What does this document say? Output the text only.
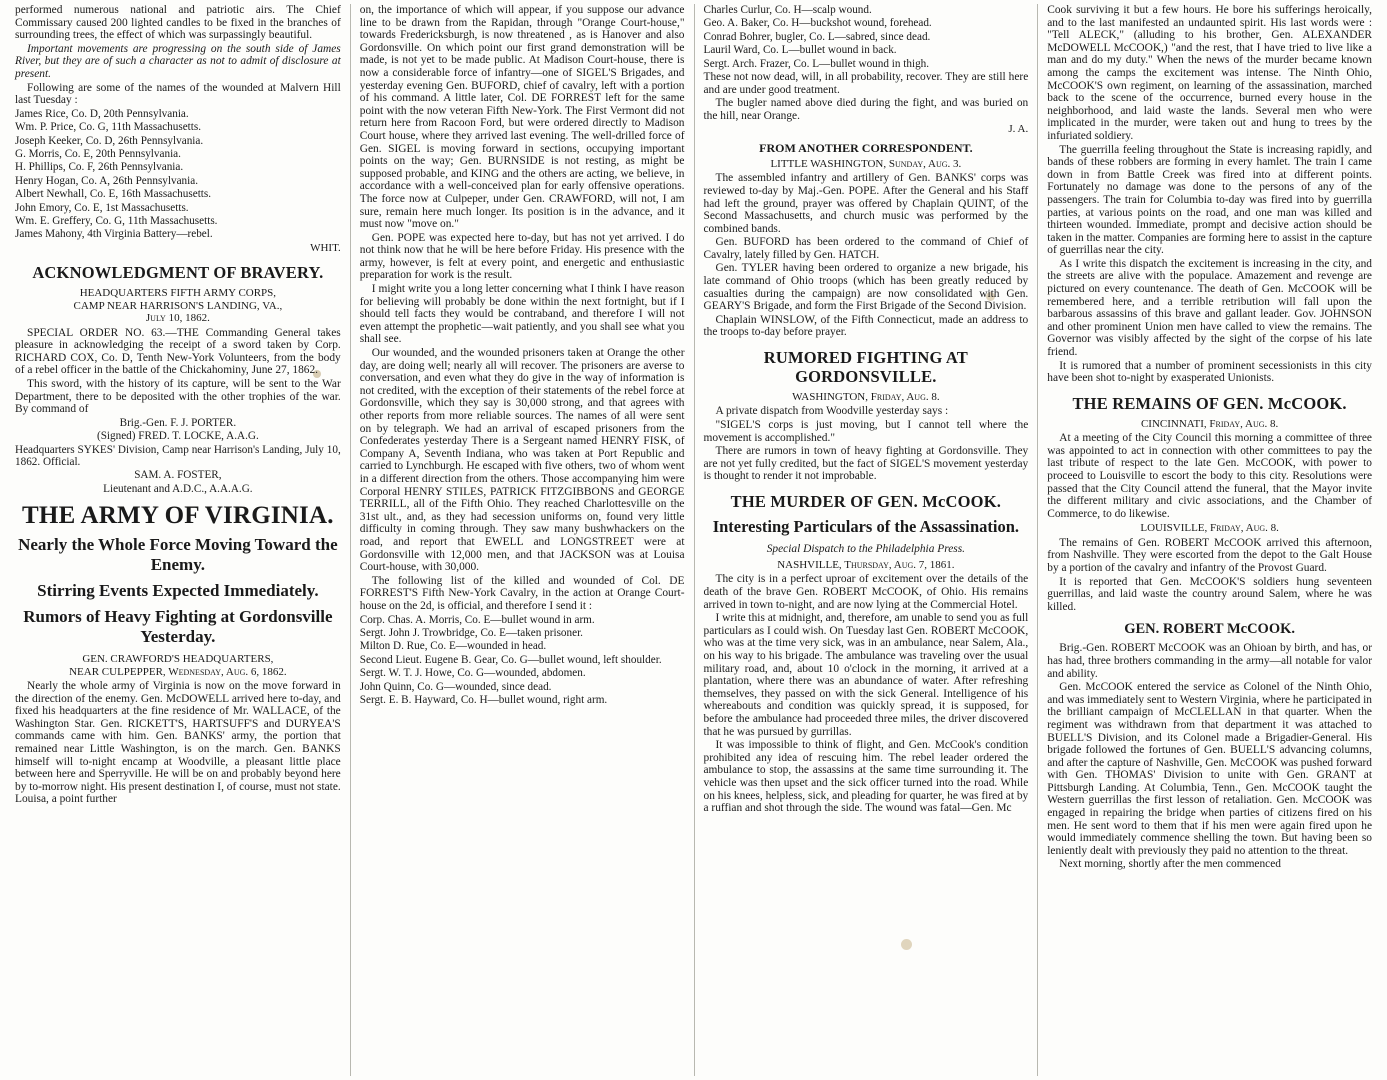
performed numerous national and patriotic airs. The Chief Commissary caused 200 lighted candles to be fixed in the branches of surrounding trees, the effect of which was surpassingly beautiful.

Important movements are progressing on the south side of James River, but they are of such a character as not to admit of disclosure at present.

Following are some of the names of the wounded at Malvern Hill last Tuesday :

James Rice, Co. D, 20th Pennsylvania.

Wm. P. Price, Co. G, 11th Massachusetts.

Joseph Keeker, Co. D, 26th Pennsylvania.

G. Morris, Co. E, 20th Pennsylvania.

H. Phillips, Co. F, 26th Pennsylvania.

Henry Hogan, Co. A, 26th Pennsylvania.

Albert Newhall, Co. E, 16th Massachusetts.

John Emory, Co. E, 1st Massachusetts.

Wm. E. Greffery, Co. G, 11th Massachusetts.

James Mahony, 4th Virginia Battery—rebel.

WHIT.
ACKNOWLEDGMENT OF BRAVERY.
HEADQUARTERS FIFTH ARMY CORPS,
CAMP NEAR HARRISON'S LANDING, VA.,
July 10, 1862.

SPECIAL ORDER NO. 63.—THE Commanding General takes pleasure in acknowledging the receipt of a sword taken by Corp. RICHARD COX, Co. D, Tenth New-York Volunteers, from the body of a rebel officer in the battle of the Chickahominy, June 27, 1862.

This sword, with the history of its capture, will be sent to the War Department, there to be deposited with the other trophies of the war. By command of

Brig.-Gen. F. J. PORTER.

(Signed) FRED. T. LOCKE, A.A.G.

Headquarters SYKES' Division, Camp near Harrison's Landing, July 10, 1862. Official.

SAM. A. FOSTER,

Lieutenant and A.D.C., A.A.A.G.

THE ARMY OF VIRGINIA.
Nearly the Whole Force Moving Toward the Enemy.
Stirring Events Expected Immediately.
Rumors of Heavy Fighting at Gordonsville Yesterday.
GEN. CRAWFORD'S HEADQUARTERS,
NEAR CULPEPPER, Wednesday, Aug. 6, 1862.

Nearly the whole army of Virginia is now on the move forward in the direction of the enemy. Gen. McDOWELL arrived here to-day, and fixed his headquarters at the fine residence of Mr. WALLACE, of the Washington Star. Gen. RICKETT'S, HARTSUFF'S and DURYEA'S commands came with him. Gen. BANKS' army, the portion that remained near Little Washington, is on the march. Gen. BANKS himself will to-night encamp at Woodville, a pleasant little place between here and Sperryville. He will be on and probably beyond here by to-morrow night. His present destination I, of course, must not state. Louisa, a point further

on, the importance of which will appear, if you suppose our advance line to be drawn from the Rapidan, through "Orange Court-house," towards Fredericksburgh, is now threatened , as is Hanover and also Gordonsville. On which point our first grand demonstration will be made, is not yet to be made public. At Madison Court-house, there is now a considerable force of infantry—one of SIGEL'S Brigades, and yesterday evening Gen. BUFORD, chief of cavalry, left with a portion of his command. A little later, Col. DE FORREST left for the same point with the now veteran Fifth New-York. The First Vermont did not return here from Racoon Ford, but were ordered directly to Madison Court house, where they arrived last evening. The well-drilled force of Gen. SIGEL is moving forward in sections, occupying important points on the way; Gen. BURNSIDE is not resting, as might be supposed probable, and KING and the others are acting, we believe, in accordance with a well-conceived plan for early offensive operations. The force now at Culpeper, under Gen. CRAWFORD, will not, I am sure, remain here much longer. Its position is in the advance, and it must now "move on."

Gen. POPE was expected here to-day, but has not yet arrived. I do not think now that he will be here before Friday. His presence with the army, however, is felt at every point, and energetic and enthusiastic preparation for work is the result.

I might write you a long letter concerning what I think I have reason for believing will probably be done within the next fortnight, but if I should tell facts they would be contraband, and therefore I will not even attempt the prophetic—wait patiently, and you shall see what you shall see.

Our wounded, and the wounded prisoners taken at Orange the other day, are doing well; nearly all will recover. The prisoners are averse to conversation, and even what they do give in the way of information is not credited, with the exception of their statements of the rebel force at Gordonsville, which they say is 30,000 strong, and that agrees with other reports from more reliable sources. The names of all were sent on by telegraph. We had an arrival of escaped prisoners from the Confederates yesterday There is a Sergeant named HENRY FISK, of Company A, Seventh Indiana, who was taken at Port Republic and carried to Lynchburgh. He escaped with five others, two of whom went in a different direction from the others. Those accompanying him were Corporal HENRY STILES, PATRICK FITZGIBBONS and GEORGE TERRILL, all of the Fifth Ohio. They reached Charlottesville on the 31st ult., and, as they had secession uniforms on, found very little difficulty in coming through. They saw many bushwhackers on the road, and report that EWELL and LONGSTREET were at Gordonsville with 12,000 men, and that JACKSON was at Louisa Court-house, with 30,000.

The following list of the killed and wounded of Col. DE FORREST'S Fifth New-York Cavalry, in the action at Orange Court-house on the 2d, is official, and therefore I send it :

Corp. Chas. A. Morris, Co. E—bullet wound in arm.

Sergt. John J. Trowbridge, Co. E—taken prisoner.

Milton D. Rue, Co. E—wounded in head.

Second Lieut. Eugene B. Gear, Co. G—bullet wound, left shoulder.

Sergt. W. T. J. Howe, Co. G—wounded, abdomen.

John Quinn, Co. G—wounded, since dead.

Sergt. E. B. Hayward, Co. H—bullet wound, right arm.

Charles Curlur, Co. H—scalp wound.

Geo. A. Baker, Co. H—buckshot wound, forehead.

Conrad Bohrer, bugler, Co. L—sabred, since dead.

Lauril Ward, Co. L—bullet wound in back.

Sergt. Arch. Frazer, Co. L—bullet wound in thigh.

These not now dead, will, in all probability, recover. They are still here and are under good treatment.

The bugler named above died during the fight, and was buried on the hill, near Orange.

J. A.
FROM ANOTHER CORRESPONDENT.
LITTLE WASHINGTON, Sunday, Aug. 3.

The assembled infantry and artillery of Gen. BANKS' corps was reviewed to-day by Maj.-Gen. POPE. After the General and his Staff had left the ground, prayer was offered by Chaplain QUINT, of the Second Massachusetts, and church music was performed by the combined bands.

Gen. BUFORD has been ordered to the command of Chief of Cavalry, lately filled by Gen. HATCH.

Gen. TYLER having been ordered to organize a new brigade, his late command of Ohio troops (which has been greatly reduced by casualties during the campaign) are now consolidated with Gen. GEARY'S Brigade, and form the First Brigade of the Second Division.

Chaplain WINSLOW, of the Fifth Connecticut, made an address to the troops to-day before prayer.

RUMORED FIGHTING AT GORDONSVILLE.
WASHINGTON, Friday, Aug. 8.

A private dispatch from Woodville yesterday says :

"SIGEL'S corps is just moving, but I cannot tell where the movement is accomplished."

There are rumors in town of heavy fighting at Gordonsville. They are not yet fully credited, but the fact of SIGEL'S movement yesterday is thought to render it not improbable.

THE MURDER OF GEN. McCOOK.
Interesting Particulars of the Assassination.
Special Dispatch to the Philadelphia Press.
NASHVILLE, Thursday, Aug. 7, 1861.

The city is in a perfect uproar of excitement over the details of the death of the brave Gen. ROBERT McCOOK, of Ohio. His remains arrived in town to-night, and are now lying at the Commercial Hotel.

I write this at midnight, and, therefore, am unable to send you as full particulars as I could wish. On Tuesday last Gen. ROBERT McCOOK, who was at the time very sick, was in an ambulance, near Salem, Ala., on his way to his brigade. The ambulance was traveling over the usual military road, and, about 10 o'clock in the morning, it arrived at a plantation, where there was an abundance of water. After refreshing themselves, they passed on with the sick General. Intelligence of his whereabouts and condition was quickly spread, it is supposed, for before the ambulance had proceeded three miles, the driver discovered that he was pursued by gurrillas.

It was impossible to think of flight, and Gen. McCook's condition prohibited any idea of rescuing him. The rebel leader ordered the ambulance to stop, the assassins at the same time surrounding it. The vehicle was then upset and the sick officer turned into the road. While on his knees, helpless, sick, and pleading for quarter, he was fired at by a ruffian and shot through the side. The wound was fatal—Gen. Mc

Cook surviving it but a few hours. He bore his sufferings heroically, and to the last manifested an undaunted spirit. His last words were : "Tell ALECK," (alluding to his brother, Gen. ALEXANDER McDOWELL McCOOK,) "and the rest, that I have tried to live like a man and do my duty." When the news of the murder became known among the camps the excitement was intense. The Ninth Ohio, McCOOK'S own regiment, on learning of the assassination, marched back to the scene of the occurrence, burned every house in the neighborhood, and laid waste the lands. Several men who were implicated in the murder, were taken out and hung to trees by the infuriated soldiery.

The guerrilla feeling throughout the State is increasing rapidly, and bands of these robbers are forming in every hamlet. The train I came down in from Battle Creek was fired into at different points. Fortunately no damage was done to the persons of any of the passengers. The train for Columbia to-day was fired into by guerrilla parties, at various points on the road, and one man was killed and thirteen wounded. Immediate, prompt and decisive action should be taken in the matter. Companies are forming here to assist in the capture of guerrillas near the city.

As I write this dispatch the excitement is increasing in the city, and the streets are alive with the populace. Amazement and revenge are pictured on every countenance. The death of Gen. McCOOK will be remembered here, and a terrible retribution will fall upon the barbarous assassins of this brave and gallant leader. Gov. JOHNSON and other prominent Union men have called to view the remains. The Governor was visibly affected by the sight of the corpse of his late friend.

It is rumored that a number of prominent secessionists in this city have been shot to-night by exasperated Unionists.

THE REMAINS OF GEN. McCOOK.
CINCINNATI, Friday, Aug. 8.

At a meeting of the City Council this morning a committee of three was appointed to act in connection with other committees to pay the last tribute of respect to the late Gen. McCOOK, with power to proceed to Louisville to escort the body to this city. Resolutions were passed that the City Council attend the funeral, that the Mayor invite the different military and civic associations, and the Chamber of Commerce, to do likewise.

LOUISVILLE, Friday, Aug. 8.

The remains of Gen. ROBERT McCOOK arrived this afternoon, from Nashville. They were escorted from the depot to the Galt House by a portion of the cavalry and infantry of the Provost Guard.

It is reported that Gen. McCOOK'S soldiers hung seventeen guerrillas, and laid waste the country around Salem, where he was killed.

GEN. ROBERT McCOOK.

Brig.-Gen. ROBERT McCOOK was an Ohioan by birth, and has, or has had, three brothers commanding in the army—all notable for valor and ability.

Gen. McCOOK entered the service as Colonel of the Ninth Ohio, and was immediately sent to Western Virginia, where he participated in the brilliant campaign of McCLELLAN in that quarter. When the regiment was withdrawn from that department it was attached to BUELL'S Division, and its Colonel made a Brigadier-General. His brigade followed the fortunes of Gen. BUELL'S advancing columns, and after the capture of Nashville, Gen. McCOOK was pushed forward with Gen. THOMAS' Division to unite with Gen. GRANT at Pittsburgh Landing. At Columbia, Tenn., Gen. McCOOK taught the Western guerrillas the first lesson of retaliation. Gen. McCOOK was engaged in repairing the bridge when parties of citizens fired on his men. He sent word to them that if his men were again fired upon he would immediately commence shelling the town. But having been so leniently dealt with previously they paid no attention to the threat.

Next morning, shortly after the men commenced
